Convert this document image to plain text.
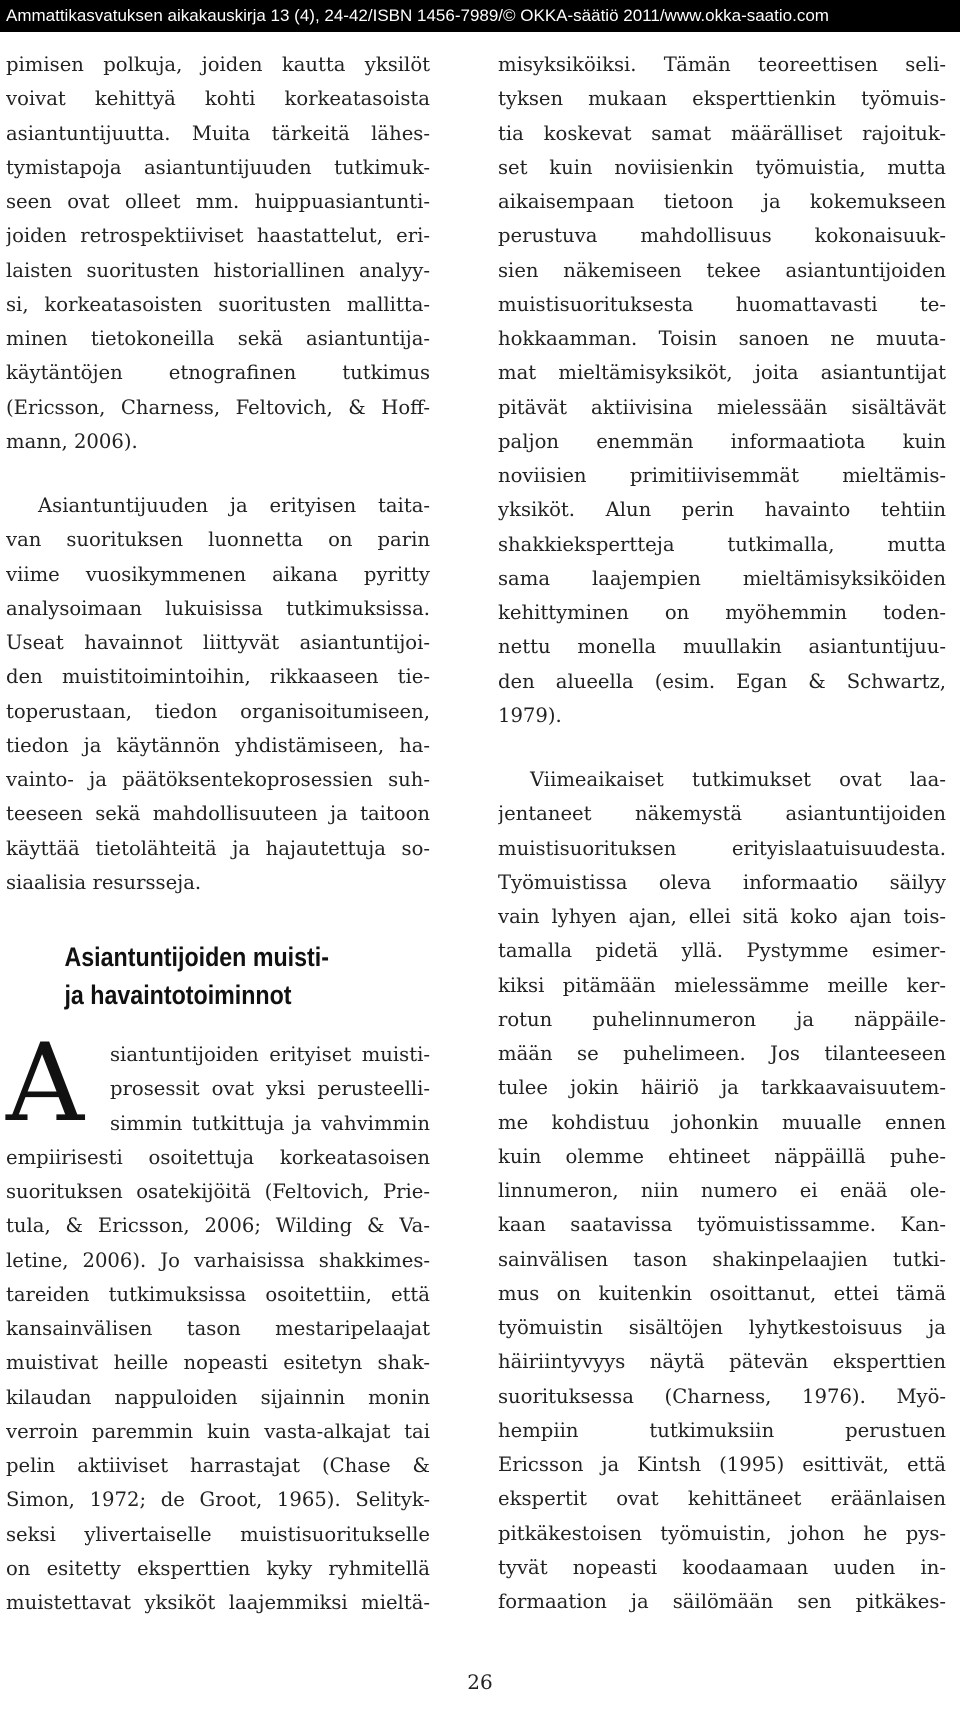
Ammattikasvatuksen aikakauskirja 13 (4), 24-42/ISBN 1456-7989/© OKKA-säätiö 2011/www.okka-saatio.com
pimisen polkuja, joiden kautta yksilöt
voivat kehittyä kohti korkeatasoista
asiantuntijuutta. Muita tärkeitä lähes-
tymistapoja asiantuntijuuden tutkimuk-
seen ovat olleet mm. huippuasiantunti-
joiden retrospektiiviset haastattelut, eri-
laisten suoritusten historiallinen analyy-
si, korkeatasoisten suoritusten mallitta-
minen tietokoneilla sekä asiantuntija-
käytäntöjen etnografinen tutkimus
(Ericsson, Charness, Feltovich, & Hoff-
mann, 2006).
Asiantuntijuuden ja erityisen taita-
van suorituksen luonnetta on parin
viime vuosikymmenen aikana pyritty
analysoimaan lukuisissa tutkimuksissa.
Useat havainnot liittyvät asiantuntijoi-
den muistitoimintoihin, rikkaaseen tie-
toperustaan, tiedon organisoitumiseen,
tiedon ja käytännön yhdistämiseen, ha-
vainto- ja päätöksentekoprosessien suh-
teeseen sekä mahdollisuuteen ja taitoon
käyttää tietolähteitä ja hajautettuja so-
siaalisia resursseja.
Asiantuntijoiden muisti-
ja havaintotoiminnot
A	siantuntijoiden erityiset muisti-
prosessit ovat yksi perusteelli-
simmin tutkittuja ja vahvimmin
empiirisesti osoitettuja korkeatasoisen
suorituksen osatekijöitä (Feltovich, Prie-
tula, & Ericsson, 2006; Wilding & Va-
letine, 2006). Jo varhaisissa shakkimes-
tareiden tutkimuksissa osoitettiin, että
kansainvälisen tason mestaripelaajat
muistivat heille nopeasti esitetyn shak-
kilaudan nappuloiden sijainnin monin
verroin paremmin kuin vasta-alkajat tai
pelin aktiiviset harrastajat (Chase &
Simon, 1972; de Groot, 1965). Selityk-
seksi ylivertaiselle muistisuoritukselle
on esitetty eksperttien kyky ryhmitellä
muistettavat yksiköt laajemmiksi mieltä-
misyksiköiksi. Tämän teoreettisen seli-
tyksen mukaan eksperttienkin työmuis-
tia koskevat samat määrälliset rajoituk-
set kuin noviisienkin työmuistia, mutta
aikaisempaan tietoon ja kokemukseen
perustuva mahdollisuus kokonaisuuk-
sien näkemiseen tekee asiantuntijoiden
muistisuorituksesta huomattavasti te-
hokkaamman. Toisin sanoen ne muuta-
mat mieltämisyksiköt, joita asiantuntijat
pitävät aktiivisina mielessään sisältävät
paljon enemmän informaatiota kuin
noviisien primitiivisemmät mieltämis-
yksiköt. Alun perin havainto tehtiin
shakkiekspertteja tutkimalla, mutta
sama laajempien mieltämisyksiköiden
kehittyminen on myöhemmin toden-
nettu monella muullakin asiantuntijuu-
den alueella (esim. Egan & Schwartz,
1979).
Viimeaikaiset tutkimukset ovat laa-
jentaneet näkemystä asiantuntijoiden
muistisuorituksen erityislaatuisuudesta.
Työmuistissa oleva informaatio säilyy
vain lyhyen ajan, ellei sitä koko ajan tois-
tamalla pidetä yllä. Pystymme esimer-
kiksi pitämään mielessämme meille ker-
rotun puhelinnumeron ja näppäile-
mään se puhelimeen. Jos tilanteeseen
tulee jokin häiriö ja tarkkaavaisuutem-
me kohdistuu johonkin muualle ennen
kuin olemme ehtineet näppäillä puhe-
linnumeron, niin numero ei enää ole-
kaan saatavissa työmuistissamme. Kan-
sainvälisen tason shakinpelaajien tutki-
mus on kuitenkin osoittanut, ettei tämä
työmuistin sisältöjen lyhytkestoisuus ja
häiriintyvyys näytä pätevän eksperttien
suorituksessa (Charness, 1976). Myö-
hempiin tutkimuksiin perustuen
Ericsson ja Kintsh (1995) esittivät, että
ekspertit ovat kehittäneet eräänlaisen
pitkäkestoisen työmuistin, johon he pys-
tyvät nopeasti koodaamaan uuden in-
formaation ja säilömään sen pitkäkes-
26
